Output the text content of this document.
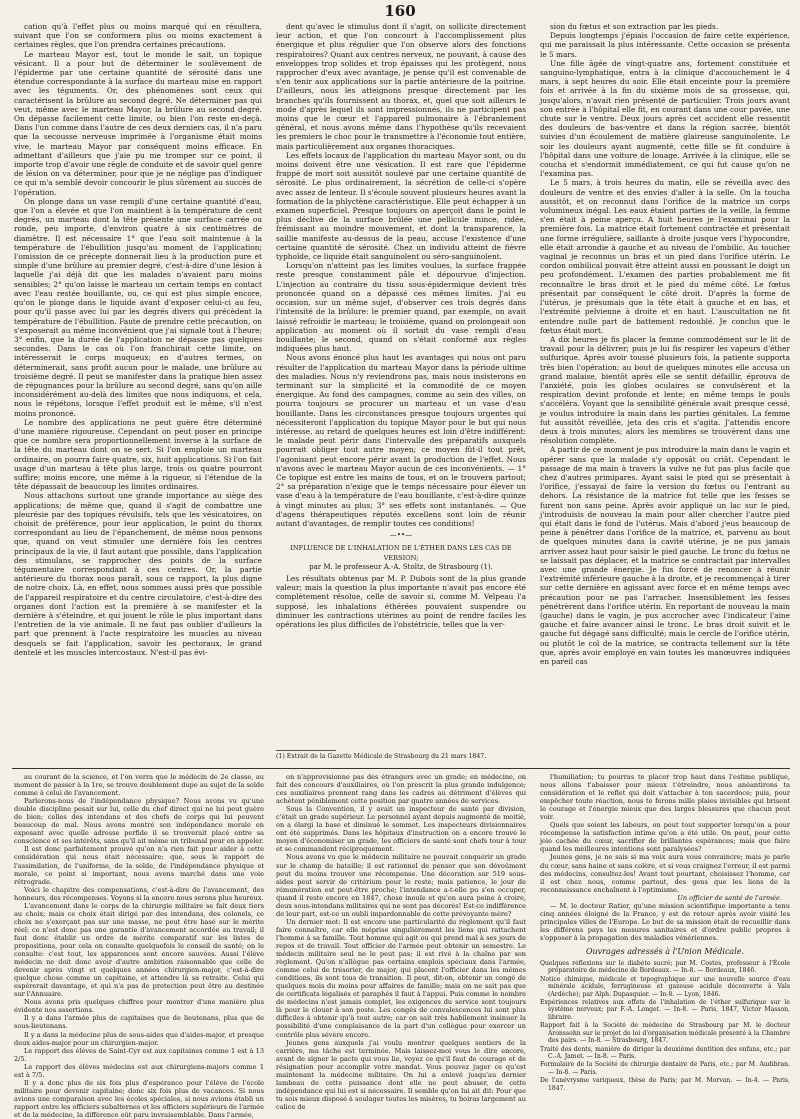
160

cation qu'à l'effet plus ou moins marqué qui en résultera, suivant que l'on se conformera plus ou moins exactement à certaines règles, que l'on prendra certaines précautions.

Le marteau Mayor est, tout le monde le sait, un topique vésicant. Il a pour but de déterminer le soulèvement de l'épiderme par une certaine quantité de sérosité dans une étendue correspondante à la surface du marteau mise en rapport avec les téguments. Or, des phénomènes sont ceux qui caractérisent la brûlure au second degré. Ne déterminer pas qui veut, même avec le marteau Mayor, la brûlure au second degré. On dépasse facilement cette limite, ou bien l'on reste en-deçà. Dans l'un comme dans l'autre de ces deux derniers cas, il n'a paru que la secousse nerveuse imprimée à l'organisme était moins vive, le marteau Mayor par conséquent moins efficace. En admettant d'ailleurs que j'aie pu me tromper sur ce point, il importe trop d'avoir une règle de conduite et de savoir quel genre de lésion on va déterminer, pour que je ne néglige pas d'indiquer ce qui m'a semblé devoir concourir le plus sûrement au succès de l'opération.

On plonge dans un vase rempli d'une certaine quantité d'eau, que l'on a élevée et que l'on maintient à la température de cent degrés, un marteau dont la tête présente une surface carrée ou ronde, peu importe, d'environ quatre à six centimètres de diamètre. Il est nécessaire 1° que l'eau soit maintenue à la température de l'ébullition jusqu'au moment de l'application; l'omission de ce précepte donnerait lieu à la production pure et simple d'une brûlure au premier degré, c'est-à-dire d'une lésion à laquelle j'ai déjà dit que les malades n'avaient paru moins sensibles; 2° qu'on laisse le marteau un certain temps en contact avec l'eau restée bouillante, ou, ce qui est plus simple encore, qu'on le plonge dans le liquide avant d'exposer celui-ci au feu, pour qu'il passe avec lui par les degrés divers qui précèdent la température de l'ébullition. Faute de prendre cette précaution, on s'exposerait au même inconvénient que j'ai signalé tout à l'heure; 3° enfin, que la durée de l'application ne dépasse pas quelques secondes. Dans le cas où l'on franchirait cette limite, on intéresserait le corps muqueux; en d'autres termes, on déterminerait, sans profit aucun pour le malade, une brûlure au troisième degré. Il peut se manifester dans la pratique bien assez de répugnances pour la brûlure au second degré, sans qu'on aille inconsidérément au-delà des limites que nous indiquons, et cela, nous le répétons, lorsque l'effet produit est le même, s'il n'est moins prononcé.

Le nombre des applications ne peut guère être déterminé d'une manière rigoureuse. Cependant on peut poser en principe que ce nombre sera proportionnellement inverse à la surface de la tête du marteau dont on se sert. Si l'on emploie un marteau ordinaire, on pourra faire quatre, six, huit applications. Si l'on fait usage d'un marteau à tête plus large, trois ou quatre pourront suffire; moins encore, une même à la rigueur, si l'étendue de la tête dépassait de beaucoup les limites ordinaires.

Nous attachons surtout une grande importance au siège des applications; de même que, quand il s'agit de combattre une pleurésie par des topiques révulsifs, tels que les vésicatoires, on choisit de préférence, pour leur application, le point du thorax correspondant au lieu de l'épanchement, de même nous pensons que, quand on veut stimuler une dernière fois les centres principaux de la vie, il faut autant que possible, dans l'application des stimulans, se rapprocher des points de la surface tégumentaire correspondant à ces centres. Or, la partie antérieure du thorax nous paraît, sous ce rapport, la plus digne de notre choix. Là, en effet, nous sommes aussi près que possible de l'appareil respiratoire et du centre circulatoire, c'est-à-dire des organes dont l'action est la première à se manifester et la dernière à s'éteindre, et qui jouent le rôle le plus important dans l'entretien de la vie animale. Il ne faut pas oublier d'ailleurs la part que prennent à l'acte respiratoire les muscles au niveau desquels se fait l'application, savoir les pectoraux, le grand dentelé et les muscles intercostaux. N'est-il pas évi-

dent qu'avec le stimulus dont il s'agit, on sollicite directement leur action, et que l'on concourt à l'accomplissement plus énergique et plus régulier que l'on observe alors des fonctions respiratoires? Quant aux centres nerveux, ne pouvant, à cause des enveloppes trop solides et trop épaisses qui les protègent, nous rapprocher d'eux avec avantage, je pense qu'il est convenable de s'en tenir aux applications sur la partie antérieure de la poitrine. D'ailleurs, nous les atteignons presque directement par les branches qu'ils fournissent au thorax, et, quel que soit ailleurs le mode d'après lequel ils sont impressionnés, ils ne participent pas moins que le cœur et l'appareil pulmonaire à l'ébranlement général, et nous avons même dans l'hypothèse qu'ils recevaient les premiers le choc pour le transmettre à l'économie tout entière, mais particulièrement aux organes thoraciques.

Les effets locaux de l'application du marteau Mayor sont, ou du moins doivent être une vésication. Il est rare que l'épiderme frappé de mort soit aussitôt soulevé par une certaine quantité de sérosité. Le plus ordinairement, la sécrétion de celle-ci s'opère avec assez de lenteur. Il s'écoule souvent plusieurs heures avant la formation de la phlyctène caractéristique. Elle peut échapper à un examen superficiel. Presque toujours on aperçoit dans le point le plus déclive de la surface brûlée une pellicule mince, ridée, frémissant au moindre mouvement, et dont la transparence, la saillie manifeste au-dessus de la peau, accuse l'existence d'une certaine quantité de sérosité. Chez un individu atteint de fièvre typhoïde, ce liquide était sanguinolent ou séro-sanguinolent.

Lorsqu'on n'atteint pas les limites voulues, la surface frappée reste presque constamment pâle et dépourvue d'injection. L'injection au contraire du tissu sous-épidermique devient très prononcée quand on a dépassé ces mêmes limites. J'ai eu occasion, sur un même sujet, d'observer ces trois degrés dans l'intensité de la brûlure: le premier quand, par exemple, on avait laissé refroidir le marteau; le troisième, quand on prolongeait son application au moment où il sortait du vase rempli d'eau bouillante; le second, quand on s'était conformé aux règles indiquées plus haut.

Nous avons énoncé plus haut les avantages qui nous ont paru résulter de l'application du marteau Mayor dans la période ultime des maladies. Nous n'y reviendrons pas, mais nous insisterons en terminant sur la simplicité et la commodité de ce moyen énergique. Au fond des campagnes, comme au sein des villes, on pourra toujours se procurer un marteau et un vase d'eau bouillante. Dans les circonstances presque toujours urgentes qui nécessiteront l'application du topique Mayor pour le but qui nous intéresse, au retard de quelques heures est loin d'être indifférent: le malade peut périr dans l'intervalle des préparatifs auxquels pourrait obliger tout autre moyen; ce moyen fût-il tout prêt, l'agonisant peut encore périr avant la production de l'effet. Nous n'avons avec le marteau Mayor aucun de ces inconvénients. — 1° Ce topique est entre les mains de tous, et on le trouvera partout; 2° sa préparation n'exige que le temps nécessaire pour élever un vase d'eau à la température de l'eau bouillante, c'est-à-dire quinze à vingt minutes au plus; 3° ses effets sont instantanés. — Que d'agens thérapeutiques réputés excellens sont loin de réunir autant d'avantages, de remplir toutes ces conditions!

—••—

INFLUENCE DE L'INHALATION DE L'ÉTHER DANS LES CAS DE VERSION;

par M. le professeur A.-A. Stoltz, de Strasbourg (1).

Les résultats obtenus par M. P. Dubois sont de la plus grande valeur; mais la question la plus importante n'avait pas encore été complètement résolue, celle de savoir si, comme M. Velpeau l'a supposé, les inhalations éthérées pouvaient suspendre ou diminuer les contractions utérines au point de rendre faciles les opérations les plus difficiles de l'obstétricie, telles que la ver-

(1) Extrait de la Gazette Médicale de Strasbourg du 21 mars 1847.

sion du fœtus et son extraction par les pieds.

Depuis longtemps j'épiais l'occasion de faire cette expérience, qui me paraissait la plus intéressante. Cette occasion se présenta le 5 mars.

Une fille âgée de vingt-quatre ans, fortement constituée et sanguino-lymphatique, entra à la clinique d'accouchement le 4 mars, à sept heures du soir. Elle était enceinte pour la première fois et arrivée à la fin du sixième mois de sa grossesse, qui, jusqu'alors, n'avait rien présenté de particulier. Trois jours avant son entrée à l'hôpital elle fit, en courant dans une cour pavée, une chute sur le ventre. Deux jours après cet accident elle ressentit des douleurs de bas-ventre et dans la région sacrée, bientôt suivies d'un écoulement de matière glaireuse sanguinolente. Le soir les douleurs ayant augmenté, cette fille se fit conduire à l'hôpital dans une voiture de louage. Arrivée à la clinique, elle se coucha et s'endormit immédiatement, ce qui fut cause qu'on ne l'examina pas.

Le 5 mars, à trois heures du matin, elle se réveilla avec des douleurs de ventre et des envies d'aller à la selle. On la toucha aussitôt, et on reconnut dans l'orifice de la matrice un corps volumineux inégal. Les eaux étaient parties de la veille, la femme s'en était à peine aperçu. A huit heures je l'examinai pour la première fois. La matrice était fortement contractée et présentait une forme irrégulière, saillante à droite jusque vers l'hypocondre, elle était arrondie à gauche et au niveau de l'ombilic. Au toucher vaginal je reconnus un bras et un pied dans l'orifice utérin. Le cordon ombilical pouvait être atteint aussi en poussant le doigt un peu profondément. L'examen des parties probablement me fit reconnaître le bras droit et le pied du même côté. Le fœtus présentait par conséquent le côté droit. D'après la forme de l'utérus, je présumais que la tête était à gauche et en bas, et l'extrémité pelvienne à droite et en haut. L'auscultation ne fit entendre nulle part de battement redoublé. Je conclus que le fœtus était mort.

A dix heures je fis placer la femme commodément sur le lit de travail pour la délivrer; puis je lui fis respirer les vapeurs d'éther sulfurique. Après avoir toussé plusieurs fois, la patiente supporta très bien l'opération; au bout de quelques minutes elle accusa un grand malaise, bientôt après elle se sentit défaillir, éprouva de l'anxiété, puis les globes oculaires se convulsèrent et la respiration devint profonde et lente; en même temps le pouls s'accéléra. Voyant que la sensibilité générale avait presque cessé, je voulus introduire la main dans les parties génitales. La femme fut aussitôt réveillée, jeta des cris et s'agita. J'attendis encore deux à trois minutes; alors les membres se trouvèrent dans une résolution complète.

A partir de ce moment je pus introduire la main dans le vagin et opérer sans que la malade s'y opposât ou criât. Cependant le passage de ma main à travers la vulve ne fut pas plus facile que chez d'autres primipares. Ayant saisi le pied qui se présentait à l'orifice, j'essayai de faire la version du fœtus ou l'entrant au dehors. La résistance de la matrice fut telle que les fesses se furent non sans peine. Après avoir appliqué un lac sur le pied, j'introduisis de nouveau la main pour aller chercher l'autre pied qui était dans le fond de l'utérus. Mais d'abord j'eus beaucoup de peine à pénétrer dans l'orifice de la matrice, et, parvenu au bout de quelques minutes dans la cavité utérine, je ne pus jamais arriver assez haut pour saisir le pied gauche. Le tronc du fœtus ne se laissait pas déplacer, et la matrice se contractait par intervalles avec une grande énergie. Je fus forcé de renoncer à réunir l'extrémité inférieure gauche à la droite, et je recommençai à tirer sur cette dernière en agissant avec force et en même temps avec précaution pour ne pas l'arracher. Insensiblement les fesses pénétrèrent dans l'orifice utérin. En reportant de nouveau la main (gauche) dans le vagin, je pus accrocher avec l'indicateur l'aine gauche et faire avancer ainsi le tronc. Le bras droit suivit et le gauche fut dégagé sans difficulté; mais le cercle de l'orifice utérin, ou plutôt le col de la matrice, se contracta tellement sur la tête que, après avoir employé en vain toutes les manœuvres indiquées en pareil cas

au courant de la science, et l'on verra que le médecin de 2e classe, au moment de passer à la 1re, se trouve doublement dupe au sujet de la solde comme à celui de l'avancement.

Parlerons-nous de l'indépendance physique? Nous avons vu qu'une double discipline pesait sur lui, celle du chef direct qui ne lui peut guère de bien; celles des intendans et des chefs de corps qui lui peuvent beaucoup de mal. Nous avons montré son indépendance morale en exposant avec quelle adresse perfide il se trouverait placé entre sa conscience et ses intérêts, sans qu'il ait même un tribunal pour en appeler.

Il est donc parfaitement prouvé qu'on n'a rien fait pour aider à cette considération qui nous était nécessaire; que, sous le rapport de l'assimilation, de l'uniforme, de la solde, de l'indépendance physique et morale, ce point si important, nous avons marché dans une voie rétrograde.

Voici le chapitre des compensations, c'est-à-dire de l'avancement, des honneurs, des récompenses. Voyons si la encore nous serons plus heureux.

L'avancement dans le corps de la chirurgie militaire se fait deux tiers au choix; mais ce choix était dirigé par des intendans, des colonels, ce choix ne s'exerçant pas sur une masse, ne peut être basé sur le mérite réel; ce n'est donc pas une garantie d'avancement accordée au travail; il faut donc établir un ordre de mérite comparatif sur les listes de propositions, pour cela on consulte quelquefois le conseil de santé; on le consulte: c'est tout, les apparences sont encore sauvées. Aussi l'élève médecin ne doit donc avoir d'autre ambition raisonnable que celle de devenir après vingt et quelques années chirurgien-major, c'est-à-dire quelque chose comme un capitaine, et attendre là sa retraite. Celui qui espérerait davantage, et qui n'a pas de protection peut être au destinée sur l'Annuaire.

Nous avons pris quelques chiffres pour montrer d'une manière plus évidente nos assertions.

Il y a dans l'armée plus de capitaines que de lieutenans, plus que de sous-lieutenans.

Il y a dans la médecine plus de sous-aides que d'aides-major, et presque deux aides-major pour un chirurgien-major.

Le rapport des élèves de Saint-Cyr est aux capitaines comme 1 est à 13 2/5.

Le rapport des élèves médecins est aux chirurgiens-majors comme 1 est à 7/5.

Il y a donc plus de six fois plus d'espérance pour l'élève de l'école militaire pour devenir capitaine; donc six fois plus de vacances. Si nous avions une comparaison avec les écoles spéciales, si nous avions établi un rapport entre les officiers subalternes et les officiers supérieurs de l'armée et de la médecine, la différence eût paru invraisemblable. Dans l'armée,

on n'approvisionne pas des étrangers avec un grade; en médecine, on fait des concours d'auxiliaires, où l'on prescrit la plus grande indulgence; ces auxiliaires prennent rang dans les cadres au détriment d'élèves qui achètent péniblement cette position par quatre années de services.

Sous la Convention, il y avait un inspecteur de santé par division, c'était un grade supérieur. Le personnel ayant depuis augmenté de moitié, on a élargi la base et diminué le sommet. Les inspecteurs divisionnaires ont été supprimés. Dans les hôpitaux d'instruction on a encore trouvé le moyen d'économiser un grade, les officiers de santé sont chefs tour à tour et se commandent réciproquement.

Nous avons vu que le médecin militaire ne pouvait conquérir un grade sur le champ de bataille; il est rationnel de penser que son dévoûment peut du moins trouver une récompense. Une décoration sur 519 sous-aides peut servir de critérium pour le reste; mais patience, le jour de rémunération est peut-être proche; l'intendance a-t-elle pu s'en occuper, quand il reste encore en 1847, chose inouïe et qu'on aura peine à croire, deux sous-intendans militaires qui ne sont pas décorés! Est-ce indifférence de leur part, est-ce un oubli impardonnable de cette prévoyante mère?

Un dernier mot: Il est encore une particularité du règlement qu'il faut faire connaître, car elle méprise singulièrement les liens qui rattachent l'homme à sa famille. Tout homme qui agit ou qui prend mal à ses jours de repos et de travail. Tout officier de l'armée peut obtenir un semestre. Le médecin militaire seul ne le peut pas; il est rivé à la chaîne par son règlement. Qu'on n'allègue pas certains emplois spéciaux dans l'armée, comme celui de trésorier, de major, qui placent l'officier dans les mêmes conditions, ils sont tous de transition. Il peut, dit-on, obtenir un congé de quelques mois du moins pour affaires de famille; mais on ne sait pas que de certificats légalisés et paraphés il faut à l'appui. Puis comme le nombre de médecins n'est jamais complet, les exigences du service sont toujours là pour le clouer à son poste. Les congés de convalescences lui sont plus difficiles à obtenir qu'à tout autre; car on sait très habilement insinuer la possibilité d'une complaisance de la part d'un collègue pour exercer un contrôle plus sévère encore.

Jeunes gens auxquels j'ai voulu montrer quelques sentiers de la carrière, ma tâche est terminée. Mais laissez-moi vous le dire encore, avant de signer le pacte qui vous lie, voyez ce qu'il faut de courage et de résignation pour accomplir votre mandat. Vous pouvez juger ce qu'est maintenant la médecine militaire. On lui a enlevé jusqu'au dernier lambeau de cette puissance dont elle ne peut abuser, de cette indépendance qui lui est si nécessaire. Il semble qu'on lui ait dit: Pour que tu sois mieux disposé à soulager toutes les misères, tu boiras largement au calice de

l'humiliation; tu pourras te placer trop haut dans l'estime publique, nous allons t'abaisser pour mieux t'étreindre, nous anéantirons ta considération et le reflet qui doit s'attacher à ton sacerdoce; puis, pour empêcher toute réaction, nous te ferons mille plaies invisibles qui brisent le courage et l'énergie mieux que des larges blessures que chacun peut voir.

Quels que soient les labeurs, on peut tout supporter lorsqu'on a pour récompense la satisfaction intime qu'on a été utile. On peut, pour cette joie cachée du cœur, sacrifier de brillantes espérances; mais que faire quand les meilleures intentions sont paralysées?

Jeunes gens, je ne sais si ma voix aura vous convaincre; mais je parle du cœur, sans haine et sans colère, et si vous craignez l'erreur, il est parmi des médecins, consultez-les! Avant tout pourtant, choisissez l'homme, car il est chez nous, comme partout, des gens que les liens de la reconnaissance enchaînent à l'optimisme.

Un officier de santé de l'armée.

— M. le docteur Ratier, qu'une mission scientifique importante a tenu cinq années éloigné de la France, y est de retour après avoir visité les principales villes de l'Europe. Le but de sa mission était de recueillir dans les différens pays les mesures sanitaires et d'ordre public propres à s'opposer à la propagation des maladies vénériennes.

Ouvrages adressés à l'Union Médicale.

Quelques réflexions sur le diabète sucré; par M. Costes, professeur à l'École préparatoire de médecine de Bordeaux. — In-8. — Bordeaux, 1846.

Notice chimique, médicale et topographique sur une nouvelle source d'eau minérale acidule, ferrugineuse et gazeuse acidule découverte à Vals (Ardèche); par Alph. Dupasquier. — In-8. — Lyon, 1846.

Expériences relatives aux effets de l'inhalation de l'éther sulfurique sur le système nerveux; par F.-A. Longet. — In-8. — Paris, 1847, Victor Masson, libraire.

Rapport fait à la Société de médecine de Strasbourg par M. le docteur Aronssohn sur le projet de loi d'organisation médicale présenté à la Chambre des pairs. — In-8. — Strasbourg, 1847.

Traité des dents, manière de diriger la deuxième dentition des enfans, etc.; par C.-A. Jamet. — In-8. — Paris.

Formulaire de la Société de chirurgie dentaire de Paris, etc.; par M. Audibran. — In-8. — Paris.

De l'anévrysme variqueux, thèse de Paris; par M. Morvan. — In-4. — Paris, 1847.
